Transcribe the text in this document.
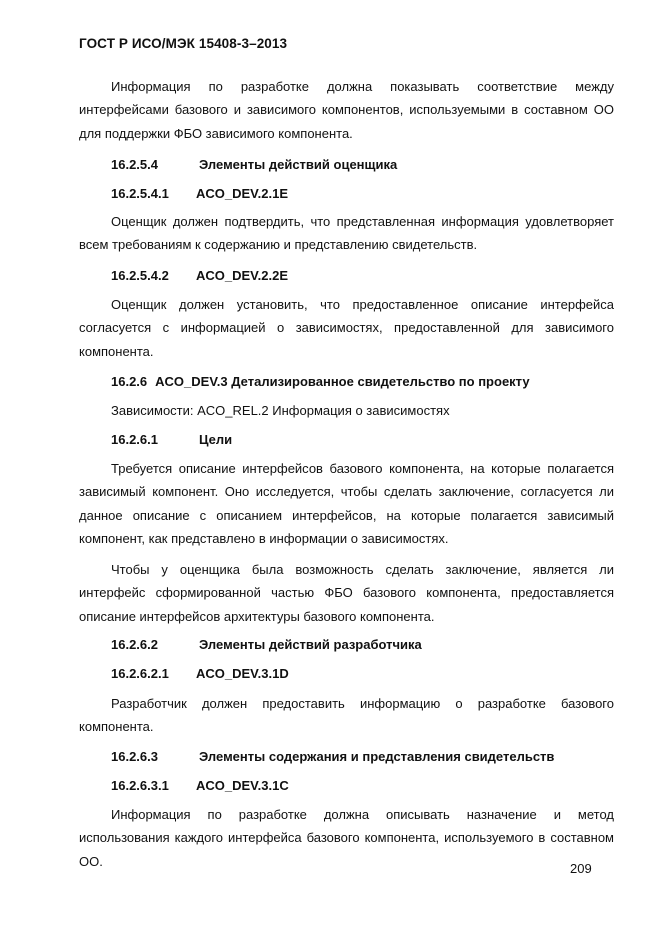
ГОСТ Р ИСО/МЭК 15408-3–2013

Информация по разработке должна показывать соответствие между интерфейсами базового и зависимого компонентов, используемыми в составном ОО для поддержки ФБО зависимого компонента.

16.2.5.4	Элементы действий оценщика
16.2.5.4.1 ACO_DEV.2.1E

Оценщик должен подтвердить, что представленная информация удовлетворяет всем требованиям к содержанию и представлению свидетельств.

16.2.5.4.2 ACO_DEV.2.2E

Оценщик должен установить, что предоставленное описание интерфейса согласуется с информацией о зависимостях, предоставленной для зависимого компонента.

16.2.6 ACO_DEV.3 Детализированное свидетельство по проекту

Зависимости: ACO_REL.2 Информация о зависимостях

16.2.6.1	Цели

Требуется описание интерфейсов базового компонента, на которые полагается зависимый компонент. Оно исследуется, чтобы сделать заключение, согласуется ли данное описание с описанием интерфейсов, на которые полагается зависимый компонент, как представлено в информации о зависимостях.

Чтобы у оценщика была возможность сделать заключение, является ли интерфейс сформированной частью ФБО базового компонента, предоставляется описание интерфейсов архитектуры базового компонента.

16.2.6.2	Элементы действий разработчика
16.2.6.2.1 ACO_DEV.3.1D

Разработчик должен предоставить информацию о разработке базового компонента.

16.2.6.3	Элементы содержания и представления свидетельств
16.2.6.3.1 ACO_DEV.3.1C

Информация по разработке должна описывать назначение и метод использования каждого интерфейса базового компонента, используемого в составном ОО.	209
